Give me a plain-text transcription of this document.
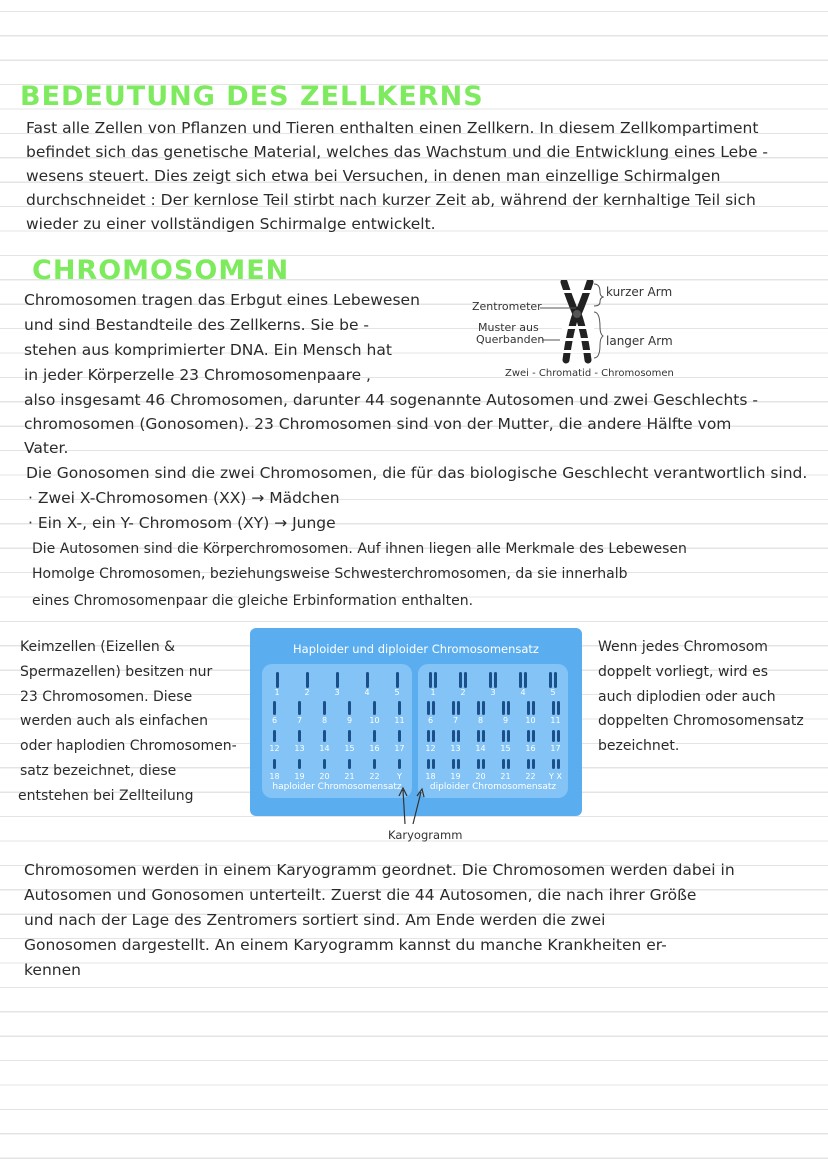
BEDEUTUNG DES ZELLKERNS

Fast alle Zellen von Pflanzen und Tieren enthalten einen Zellkern. In diesem Zellkompartiment

befindet sich das genetische Material, welches das Wachstum und die Entwicklung eines Lebe -

wesens steuert. Dies zeigt sich etwa bei Versuchen, in denen man einzellige Schirmalgen

durchschneidet : Der kernlose Teil stirbt nach kurzer Zeit ab, während der kernhaltige Teil sich

wieder zu einer vollständigen Schirmalge entwickelt.

CHROMOSOMEN

Chromosomen tragen das Erbgut eines Lebewesen

und sind Bestandteile des Zellkerns. Sie be -

stehen aus komprimierter DNA. Ein Mensch hat

in jeder Körperzelle 23 Chromosomenpaare ,

Zentrometer
Muster aus
Querbanden
kurzer Arm
langer Arm
Zwei - Chromatid - Chromosomen

also insgesamt 46 Chromosomen, darunter 44 sogenannte Autosomen und zwei Geschlechts -

chromosomen (Gonosomen). 23 Chromosomen sind von der Mutter, die andere Hälfte vom

Vater.

Die Gonosomen sind die zwei Chromosomen, die für das biologische Geschlecht verantwortlich sind.

· Zwei X-Chromosomen (XX) → Mädchen

· Ein X-, ein Y- Chromosom (XY) → Junge

Die Autosomen sind die Körperchromosomen. Auf ihnen liegen alle Merkmale des Lebewesen

Homolge Chromosomen, beziehungsweise Schwesterchromosomen, da sie innerhalb

eines Chromosomenpaar die gleiche Erbinformation enthalten.

Keimzellen (Eizellen &

Spermazellen) besitzen nur

23 Chromosomen. Diese

werden auch als einfachen

oder haplodien Chromosomen-

satz bezeichnet, diese

entstehen bei Zellteilung

Haploider und diploider Chromosomensatz
1	2	3	4	5
6 7 8 9 10 11
12 13 14 15 16 17
18 19 20 21 22 Y
haploider Chromosomensatz
1	2	3	4	5
6 7 8 9 10 11
12 13 14 15 16 17
18 19 20 21 22 Y X
diploider Chromosomensatz
Karyogramm

Wenn jedes Chromosom

doppelt vorliegt, wird es

auch diplodien oder auch

doppelten Chromosomensatz

bezeichnet.

Chromosomen werden in einem Karyogramm geordnet. Die Chromosomen werden dabei in

Autosomen und Gonosomen unterteilt. Zuerst die 44 Autosomen, die nach ihrer Größe

und nach der Lage des Zentromers sortiert sind. Am Ende werden die zwei

Gonosomen dargestellt. An einem Karyogramm kannst du manche Krankheiten er-

kennen
